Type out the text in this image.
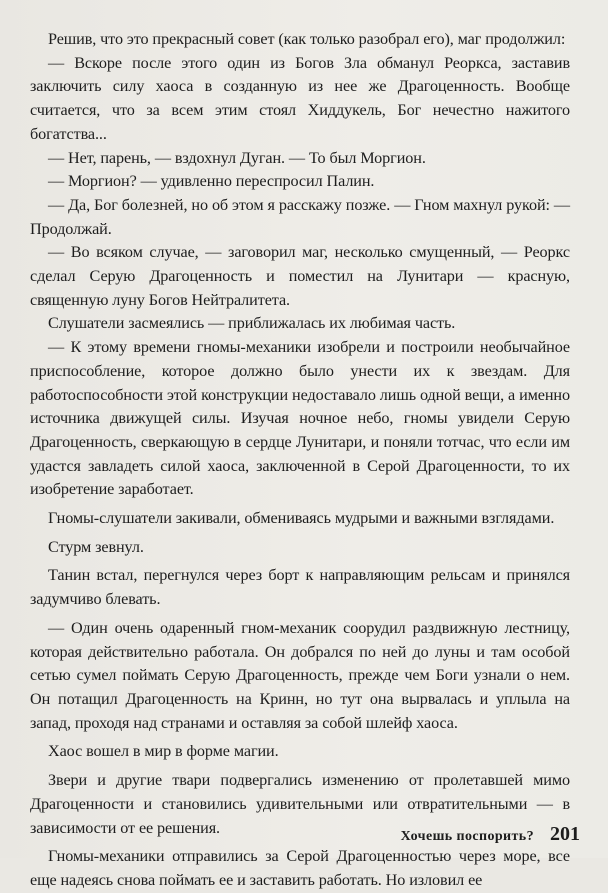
Решив, что это прекрасный совет (как только разобрал его), маг продолжил:

— Вскоре после этого один из Богов Зла обманул Реоркса, заставив заключить силу хаоса в созданную из нее же Драгоценность. Вообще считается, что за всем этим стоял Хиддукель, Бог нечестно нажитого богатства...

— Нет, парень, — вздохнул Дуган. — То был Моргион.

— Моргион? — удивленно переспросил Палин.

— Да, Бог болезней, но об этом я расскажу позже. — Гном махнул рукой: — Продолжай.

— Во всяком случае, — заговорил маг, несколько смущенный, — Реоркс сделал Серую Драгоценность и поместил на Лунитари — красную, священную луну Богов Нейтралитета.

Слушатели засмеялись — приближалась их любимая часть.

— К этому времени гномы-механики изобрели и построили необычайное приспособление, которое должно было унести их к звездам. Для работоспособности этой конструкции недоставало лишь одной вещи, а именно источника движущей силы. Изучая ночное небо, гномы увидели Серую Драгоценность, сверкающую в сердце Лунитари, и поняли тотчас, что если им удастся завладеть силой хаоса, заключенной в Серой Драгоценности, то их изобретение заработает.

Гномы-слушатели закивали, обмениваясь мудрыми и важными взглядами.

Стурм зевнул.

Танин встал, перегнулся через борт к направляющим рельсам и принялся задумчиво блевать.

— Один очень одаренный гном-механик соорудил раздвижную лестницу, которая действительно работала. Он добрался по ней до луны и там особой сетью сумел поймать Серую Драгоценность, прежде чем Боги узнали о нем. Он потащил Драгоценность на Кринн, но тут она вырвалась и уплыла на запад, проходя над странами и оставляя за собой шлейф хаоса.

Хаос вошел в мир в форме магии.

Звери и другие твари подвергались изменению от пролетавшей мимо Драгоценности и становились удивительными или отвратительными — в зависимости от ее решения.

Гномы-механики отправились за Серой Драгоценностью через море, все еще надеясь снова поймать ее и заставить работать. Но изловил ее

Хочешь поспорить? 201
